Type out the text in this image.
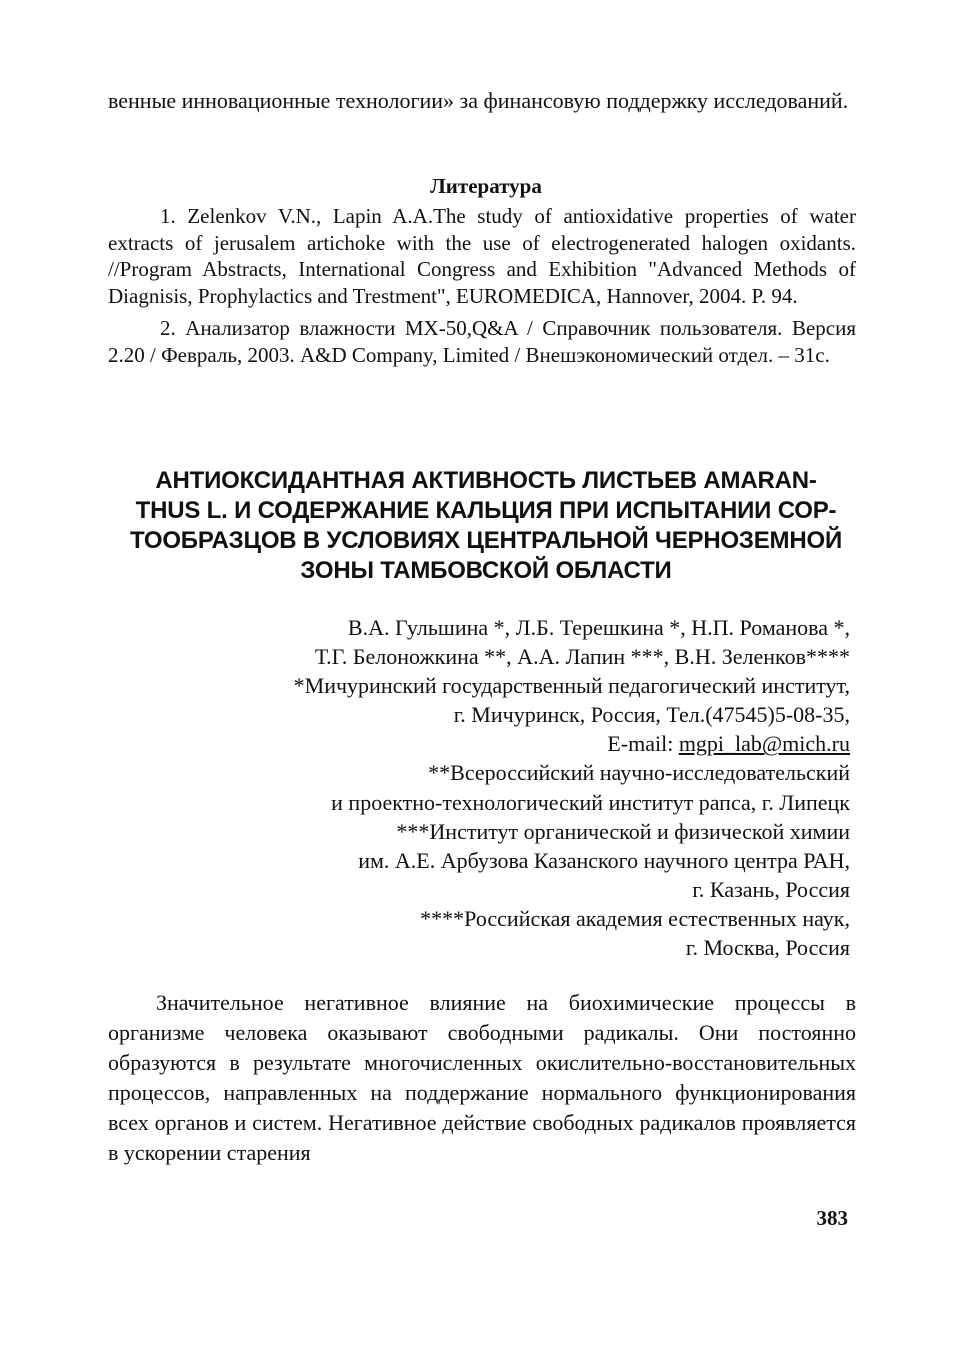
венные инновационные технологии» за финансовую поддержку исследований.

Литература

1. Zelenkov V.N., Lapin A.A.The study of antioxidative properties of water extracts of jerusalem artichoke with the use of electrogenerated halogen oxidants. //Program Abstracts, International Congress and Exhibition "Advanced Methods of Diagnisis, Prophylactics and Trestment", EUROMEDICA, Hannover, 2004. P. 94.

2. Анализатор влажности MX-50,Q&A / Справочник пользователя. Версия 2.20 / Февраль, 2003. A&D Company, Limited / Внешэкономический отдел. – 31с.

АНТИОКСИДАНТНАЯ АКТИВНОСТЬ ЛИСТЬЕВ AMARAN-
THUS L. И СОДЕРЖАНИЕ КАЛЬЦИЯ ПРИ ИСПЫТАНИИ СОР-
ТООБРАЗЦОВ В УСЛОВИЯХ ЦЕНТРАЛЬНОЙ ЧЕРНОЗЕМНОЙ
ЗОНЫ ТАМБОВСКОЙ ОБЛАСТИ
В.А. Гульшина *, Л.Б. Терешкина *, Н.П. Романова *,
Т.Г. Белоножкина **, А.А. Лапин ***, В.Н. Зеленков****
*Мичуринский государственный педагогический институт,
г. Мичуринск, Россия, Тел.(47545)5-08-35,
E-mail: mgpi_lab@mich.ru
**Всероссийский научно-исследовательский
и проектно-технологический институт рапса, г. Липецк
***Институт органической и физической химии
им. А.Е. Арбузова Казанского научного центра РАН,
г. Казань, Россия
****Российская академия естественных наук,
г. Москва, Россия

Значительное негативное влияние на биохимические процессы в организме человека оказывают свободными радикалы. Они постоянно образуются в результате многочисленных окислительно-восстановительных процессов, направленных на поддержание нормального функционирования всех органов и систем. Негативное действие свободных радикалов проявляется в ускорении старения

383
